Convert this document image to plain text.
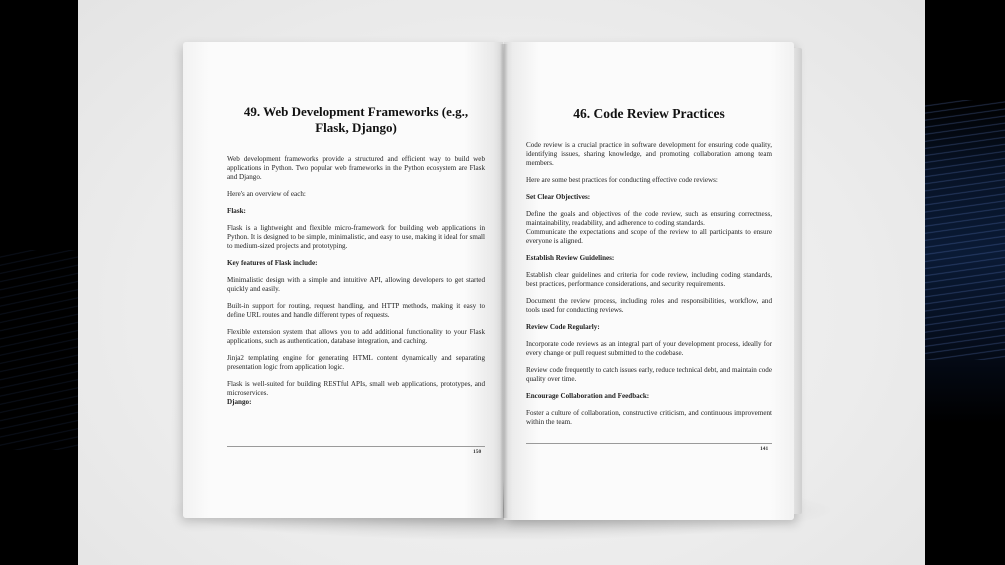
49. Web Development Frameworks (e.g., Flask, Django)

Web development frameworks provide a structured and efficient way to build web applications in Python. Two popular web frameworks in the Python ecosystem are Flask and Django.

Here's an overview of each:

Flask:

Flask is a lightweight and flexible micro-framework for building web applications in Python. It is designed to be simple, minimalistic, and easy to use, making it ideal for small to medium-sized projects and prototyping.

Key features of Flask include:

Minimalistic design with a simple and intuitive API, allowing developers to get started quickly and easily.

Built-in support for routing, request handling, and HTTP methods, making it easy to define URL routes and handle different types of requests.

Flexible extension system that allows you to add additional functionality to your Flask applications, such as authentication, database integration, and caching.

Jinja2 templating engine for generating HTML content dynamically and separating presentation logic from application logic.

Flask is well-suited for building RESTful APIs, small web applications, prototypes, and microservices.

Django:

150
46. Code Review Practices

Code review is a crucial practice in software development for ensuring code quality, identifying issues, sharing knowledge, and promoting collaboration among team members.

Here are some best practices for conducting effective code reviews:

Set Clear Objectives:

Define the goals and objectives of the code review, such as ensuring correctness, maintainability, readability, and adherence to coding standards.

Communicate the expectations and scope of the review to all participants to ensure everyone is aligned.

Establish Review Guidelines:

Establish clear guidelines and criteria for code review, including coding standards, best practices, performance considerations, and security requirements.

Document the review process, including roles and responsibilities, workflow, and tools used for conducting reviews.

Review Code Regularly:

Incorporate code reviews as an integral part of your development process, ideally for every change or pull request submitted to the codebase.

Review code frequently to catch issues early, reduce technical debt, and maintain code quality over time.

Encourage Collaboration and Feedback:

Foster a culture of collaboration, constructive criticism, and continuous improvement within the team.

141
